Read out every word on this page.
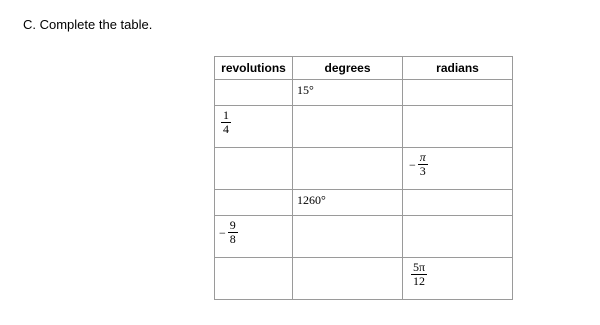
C. Complete the table.
revolutions	degrees	radians
	15°	

$\frac{1}{4}$

		− $\frac{\pi}{3}$

	1260°	

− $\frac{9}{8}$

		$\frac{5\pi}{12}$
